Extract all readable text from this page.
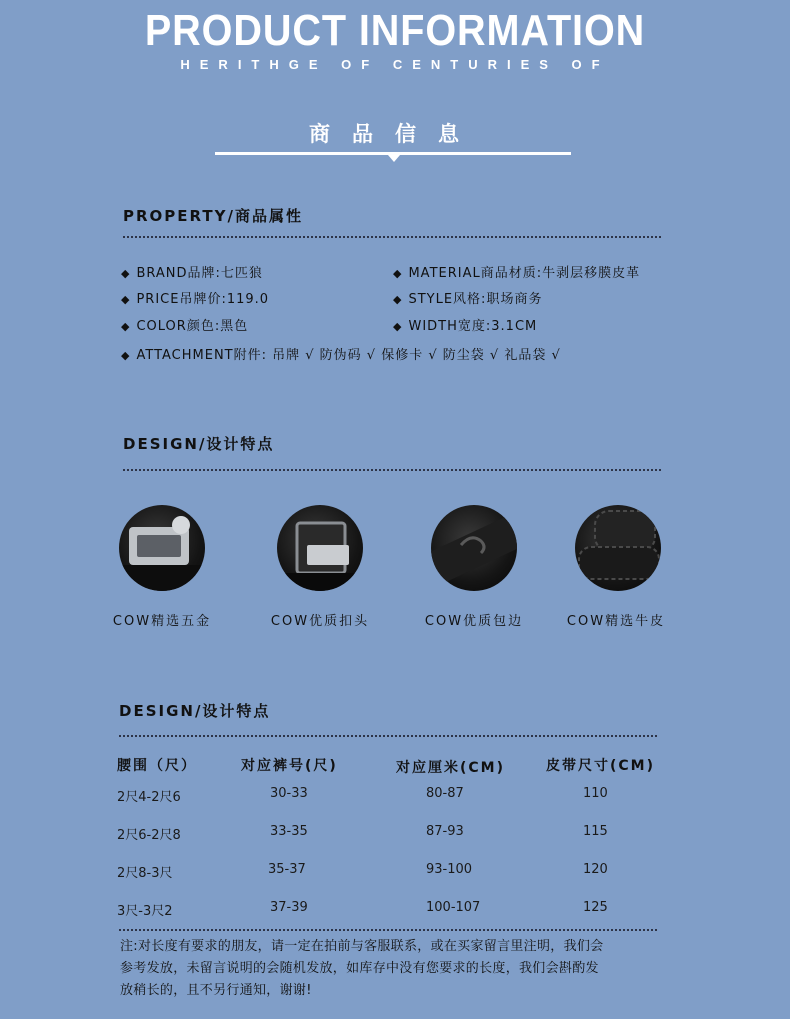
PRODUCT INFORMATION
HERITHGE OF CENTURIES OF
商品信息
PROPERTY/商品属性
◆ BRAND品牌:七匹狼
◆ PRICE吊牌价:119.0
◆ COLOR颜色:黑色
◆ MATERIAL商品材质:牛剥层移膜皮革
◆ STYLE风格:职场商务
◆ WIDTH宽度:3.1CM
◆ ATTACHMENT附件: 吊牌 √ 防伪码 √ 保修卡 √ 防尘袋 √ 礼品袋 √
DESIGN/设计特点
COW精选五金	COW优质扣头	COW优质包边	COW精选牛皮
DESIGN/设计特点
腰围（尺）	对应裤号(尺)	对应厘米(CM)	皮带尺寸(CM)
2尺4-2尺6	30-33	80-87	110
2尺6-2尺8	33-35	87-93	115
2尺8-3尺	35-37	93-100	120
3尺-3尺2	37-39	100-107	125
注:对长度有要求的朋友，请一定在拍前与客服联系，或在买家留言里注明，我们会
参考发放，未留言说明的会随机发放，如库存中没有您要求的长度，我们会斟酌发
放稍长的，且不另行通知，谢谢!
